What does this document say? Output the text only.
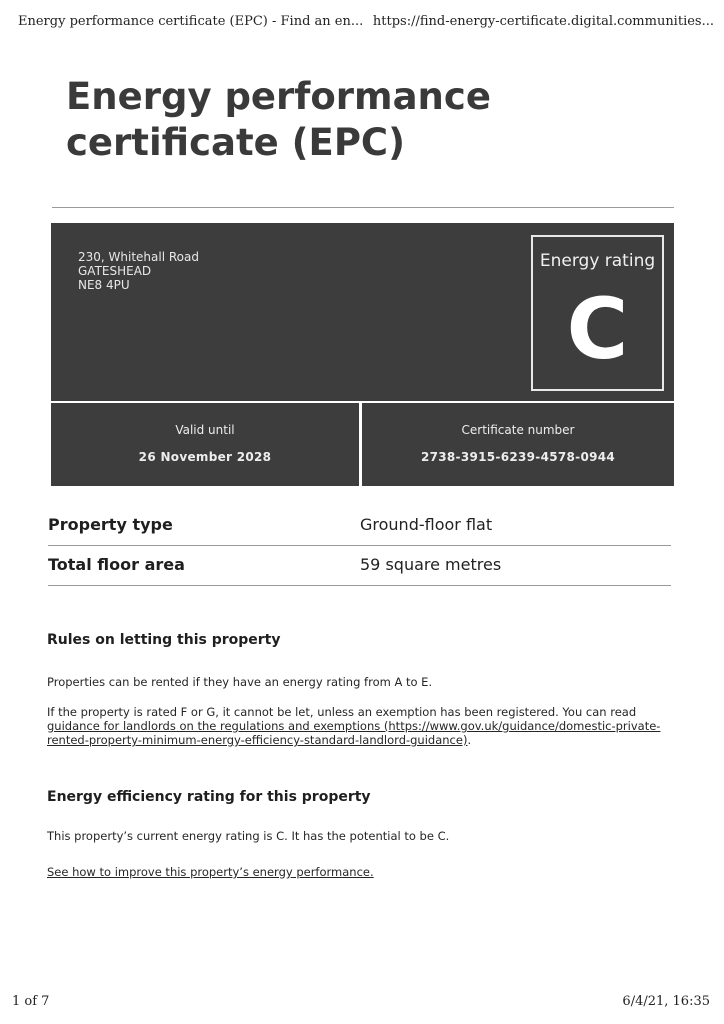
Energy performance certificate (EPC) - Find an en... https://find-energy-certificate.digital.communities...
Energy performance certificate (EPC)
230, Whitehall Road
GATESHEAD
NE8 4PU
Energy rating
C
Valid until
26 November 2028
Certificate number
2738-3915-6239-4578-0944
Property type	Ground-floor flat
Total floor area	59 square metres
Rules on letting this property

Properties can be rented if they have an energy rating from A to E.

If the property is rated F or G, it cannot be let, unless an exemption has been registered. You can read guidance for landlords on the regulations and exemptions (https://www.gov.uk/guidance/domestic-private-rented-property-minimum-energy-efficiency-standard-landlord-guidance).

Energy efficiency rating for this property

This property’s current energy rating is C. It has the potential to be C.

See how to improve this property’s energy performance.

1 of 7	6/4/21, 16:35
